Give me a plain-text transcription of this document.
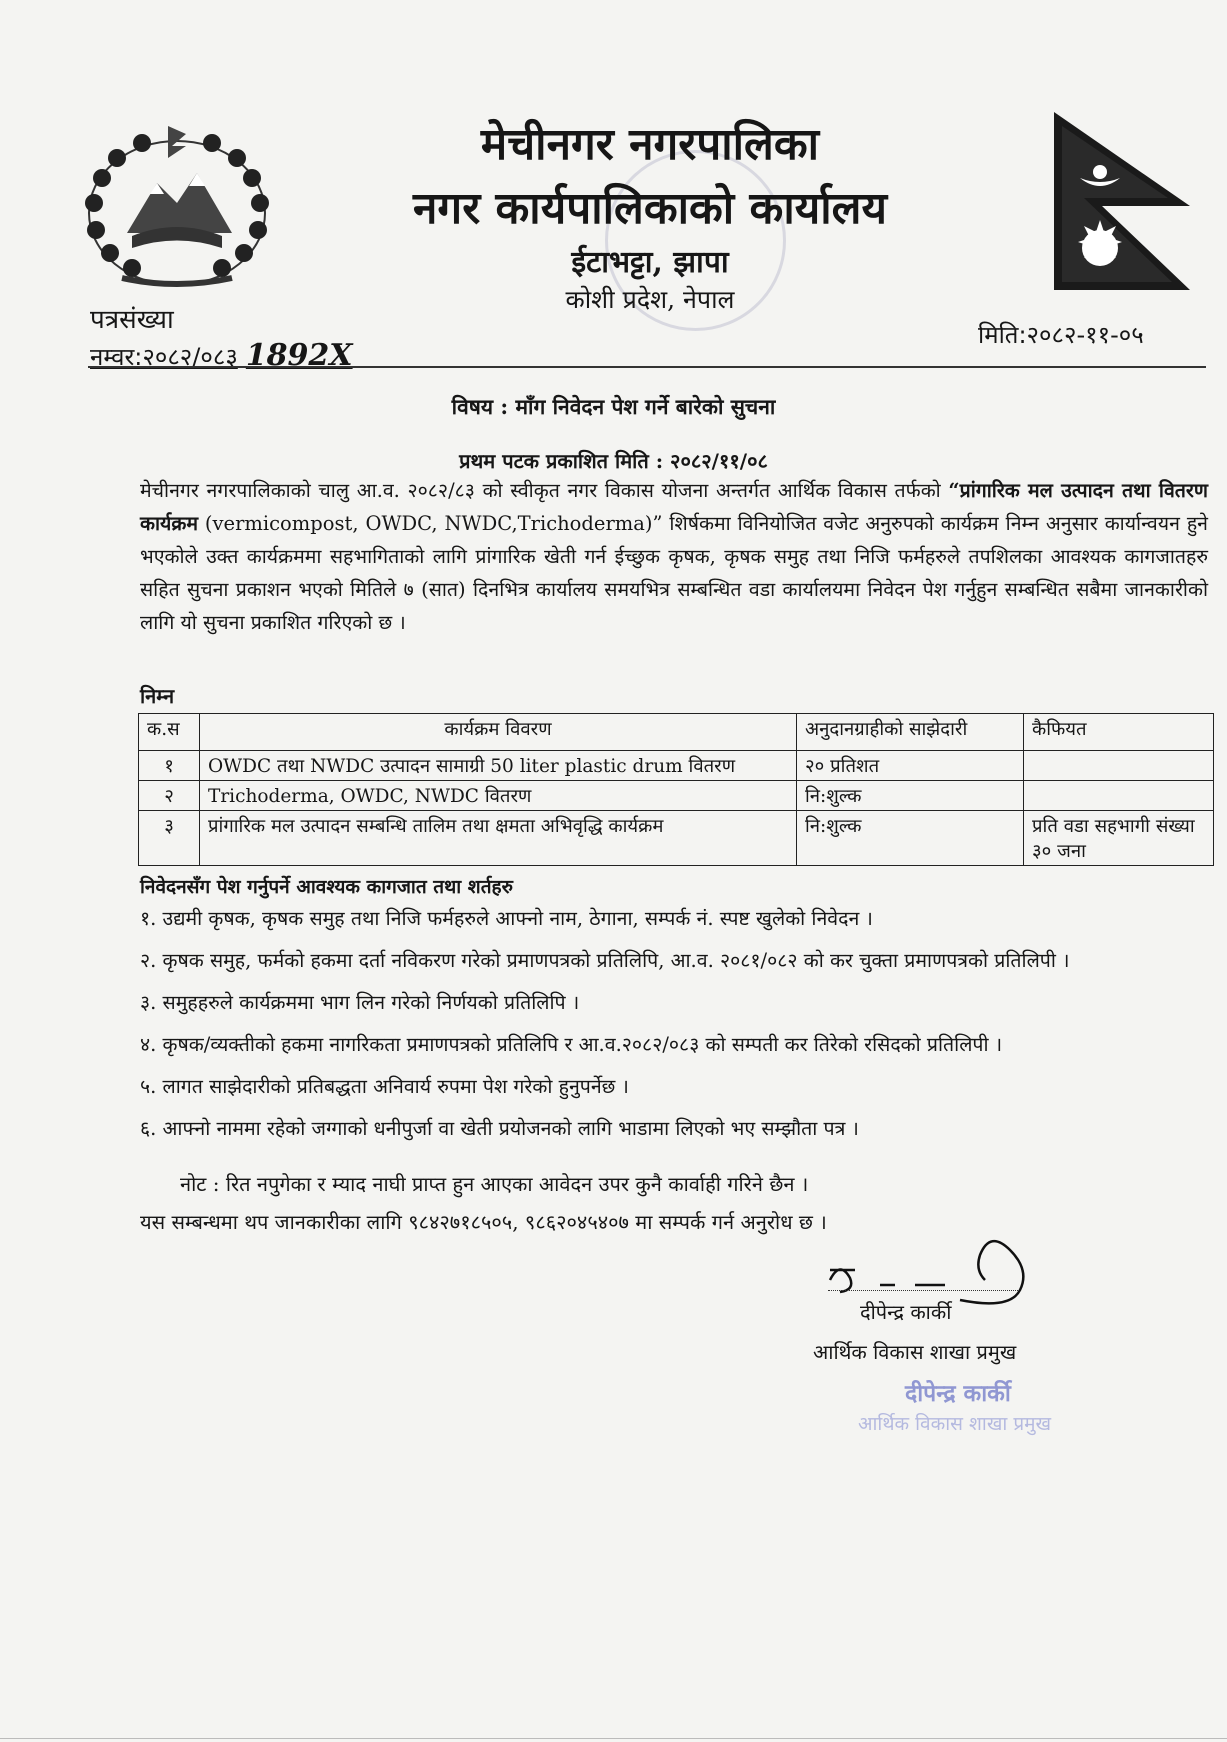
मेचीनगर नगरपालिका
नगर कार्यपालिकाको कार्यालय
ईटाभट्टा, झापा
कोशी प्रदेश, नेपाल
पत्रसंख्या
नम्वर:२०८२/०८३ 1892X
मिति:२०८२-११-०५
विषय : माँग निवेदन पेश गर्ने बारेको सुचना
प्रथम पटक प्रकाशित मिति : २०८२/११/०८

मेचीनगर नगरपालिकाको चालु आ.व. २०८२/८३ को स्वीकृत नगर विकास योजना अन्तर्गत आर्थिक विकास तर्फको “प्रांगारिक मल उत्पादन तथा वितरण कार्यक्रम (vermicompost, OWDC, NWDC,Trichoderma)” शिर्षकमा विनियोजित वजेट अनुरुपको कार्यक्रम निम्न अनुसार कार्यान्वयन हुने भएकोले उक्त कार्यक्रममा सहभागिताको लागि प्रांगारिक खेती गर्न ईच्छुक कृषक, कृषक समुह तथा निजि फर्महरुले तपशिलका आवश्यक कागजातहरु सहित सुचना प्रकाशन भएको मितिले ७ (सात) दिनभित्र कार्यालय समयभित्र सम्बन्धित वडा कार्यालयमा निवेदन पेश गर्नुहुन सम्बन्धित सबैमा जानकारीको लागि यो सुचना प्रकाशित गरिएको छ ।

निम्न
क.स	कार्यक्रम विवरण	अनुदानग्राहीको साझेदारी	कैफियत
१	OWDC तथा NWDC उत्पादन सामाग्री 50 liter plastic drum वितरण	२० प्रतिशत	
२	Trichoderma, OWDC, NWDC वितरण	नि:शुल्क	
३	प्रांगारिक मल उत्पादन सम्बन्धि तालिम तथा क्षमता अभिवृद्धि कार्यक्रम	नि:शुल्क	प्रति वडा सहभागी संख्या ३० जना
निवेदनसँग पेश गर्नुपर्ने आवश्यक कागजात तथा शर्तहरु
१. उद्यमी कृषक, कृषक समुह तथा निजि फर्महरुले आफ्नो नाम, ठेगाना, सम्पर्क नं. स्पष्ट खुलेको निवेदन ।
२. कृषक समुह, फर्मको हकमा दर्ता नविकरण गरेको प्रमाणपत्रको प्रतिलिपि, आ.व. २०८१/०८२ को कर चुक्ता प्रमाणपत्रको प्रतिलिपी ।
३. समुहहरुले कार्यक्रममा भाग लिन गरेको निर्णयको प्रतिलिपि ।
४. कृषक/व्यक्तीको हकमा नागरिकता प्रमाणपत्रको प्रतिलिपि र आ.व.२०८२/०८३ को सम्पती कर तिरेको रसिदको प्रतिलिपी ।
५. लागत साझेदारीको प्रतिबद्धता अनिवार्य रुपमा पेश गरेको हुनुपर्नेछ ।
६. आफ्नो नाममा रहेको जग्गाको धनीपुर्जा वा खेती प्रयोजनको लागि भाडामा लिएको भए सम्झौता पत्र ।
नोट : रित नपुगेका र म्याद नाघी प्राप्त हुन आएका आवेदन उपर कुनै कार्वाही गरिने छैन ।
यस सम्बन्धमा थप जानकारीका लागि ९८४२७१८५०५, ९८६२०४५४०७ मा सम्पर्क गर्न अनुरोध छ ।
दीपेन्द्र कार्की
आर्थिक विकास शाखा प्रमुख
दीपेन्द्र कार्की
आर्थिक विकास शाखा प्रमुख
